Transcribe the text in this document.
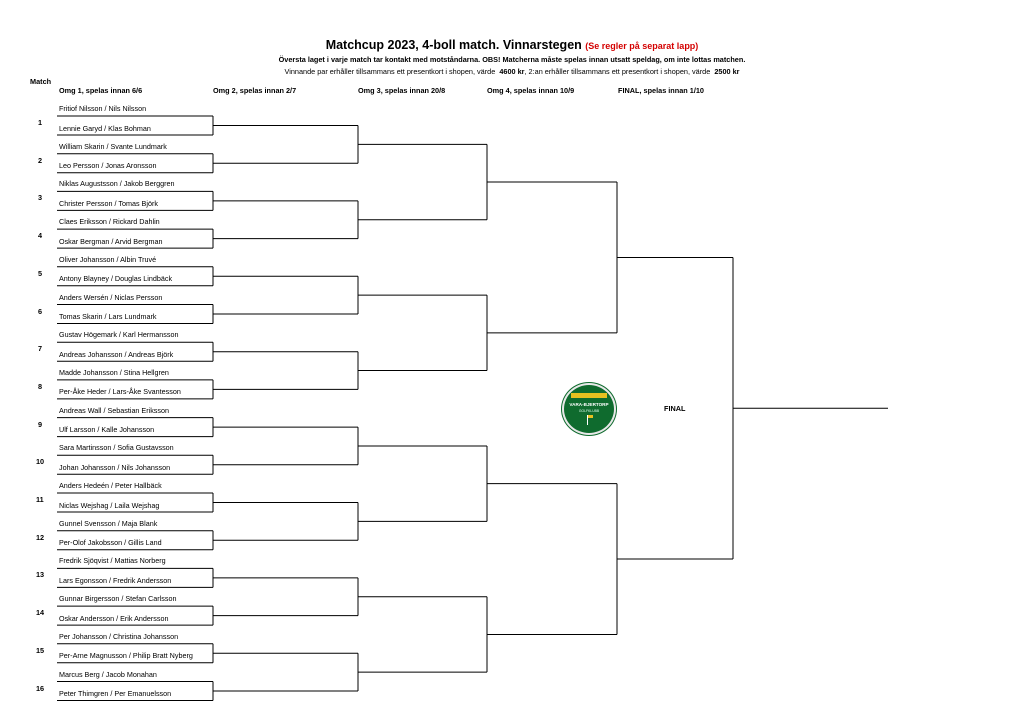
Matchcup 2023, 4-boll match. Vinnarstegen (Se regler på separat lapp)
Översta laget i varje match tar kontakt med motståndarna. OBS! Matcherna måste spelas innan utsatt speldag, om inte lottas matchen.
Vinnande par erhåller tillsammans ett presentkort i shopen, värde 4600 kr, 2:an erhåller tillsammans ett presentkort i shopen, värde 2500 kr
Match
Omg 1, spelas innan 6/6	Omg 2, spelas innan 2/7	Omg 3, spelas innan 20/8	Omg 4, spelas innan 10/9	FINAL, spelas innan 1/10
Fritiof Nilsson / Nils Nilsson
Lennie Garyd / Klas Bohman
1
William Skarin / Svante Lundmark
Leo Persson / Jonas Aronsson
2
Niklas Augustsson / Jakob Berggren
Christer Persson / Tomas Björk
3
Claes Eriksson / Rickard Dahlin
Oskar Bergman / Arvid Bergman
4
Oliver Johansson / Albin Truvé
Antony Blayney / Douglas Lindbäck
5
Anders Wersén / Niclas Persson
Tomas Skarin / Lars Lundmark
6
Gustav Högemark / Karl Hermansson
Andreas Johansson / Andreas Björk
7
Madde Johansson / Stina Hellgren
Per-Åke Heder / Lars-Åke Svantesson
8
Andreas Wall / Sebastian Eriksson
Ulf Larsson / Kalle Johansson
9
Sara Martinsson / Sofia Gustavsson
Johan Johansson / Nils Johansson
10
Anders Hedeén / Peter Hallbäck
Niclas Wejshag / Laila Wejshag
11
Gunnel Svensson / Maja Blank
Per-Olof Jakobsson / Gillis Land
12
Fredrik Sjöqvist / Mattias Norberg
Lars Egonsson / Fredrik Andersson
13
Gunnar Birgersson / Stefan Carlsson
Oskar Andersson / Erik Andersson
14
Per Johansson / Christina Johansson
Per-Arne Magnusson / Philip Bratt Nyberg
15
Marcus Berg / Jacob Monahan
Peter Thimgren / Per Emanuelsson
16
VARA-BJERTORP
GOLFKLUBB	FINAL
